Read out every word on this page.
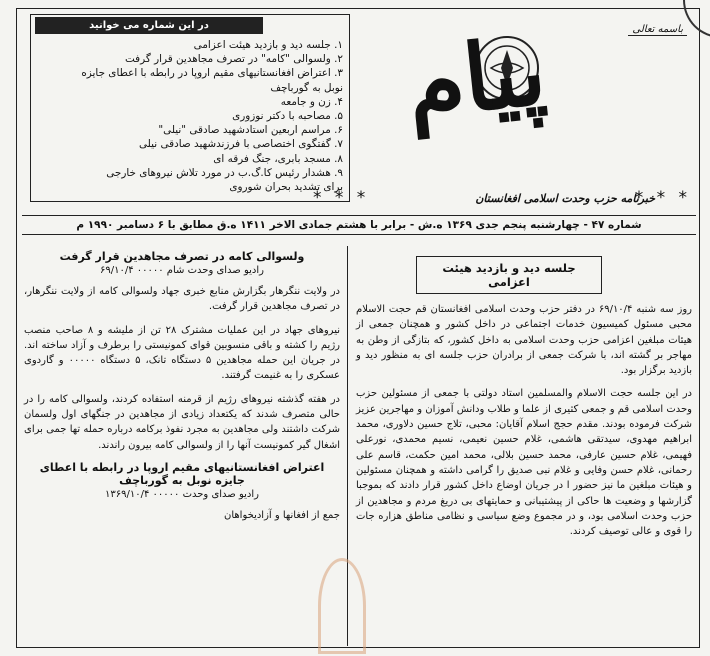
باسمه تعالی
پیام
* * *
خبرنامه حزب وحدت اسلامی افغانستان
* * *
در این شماره می خوانید
۱. جلسه دید و بازدید هیئت اعزامی
۲. ولسوالی "کامه" در تصرف مجاهدین قرار گرفت
۳. اعتراض افغانستانیهای مقیم اروپا در رابطه با اعطای جایزه
نوبل به گورباچف
۴. زن و جامعه
۵. مصاحبه با دکتر نوزوری
۶. مراسم اربعین استادشهید صادقی "نیلی"
۷. گفتگوی اختصاصی با فرزندشهید صادقی نیلی
۸. مسجد بابری، جنگ فرقه ای
۹. هشدار رئیس کا.گ.ب در مورد تلاش نیروهای خارجی
برای تشدید بحران شوروی
شماره ۴۷ - چهارشنبه پنجم جدی ۱۳۶۹ ه.ش - برابر با هشتم جمادی الاخر ۱۴۱۱ ه.ق مطابق با ۶ دسامبر ۱۹۹۰ م
جلسه دید و بازدید هیئت اعزامی

روز سه شنبه ۶۹/۱۰/۴ در دفتر حزب وحدت اسلامی افغانستان قم حجت الاسلام محبی مسئول کمیسیون خدمات اجتماعی در داخل کشور و همچنان جمعی از هیئات مبلغین اعزامی حزب وحدت اسلامی به داخل کشور، که بتازگی از وطن به مهاجر بر گشته اند، با شرکت جمعی از برادران حزب جلسه ای به منظور دید و بازدید برگزار بود.

در این جلسه حجت الاسلام والمسلمین استاد دولتی با جمعی از مسئولین حزب وحدت اسلامی قم و جمعی کثیری از علما و طلاب ودانش آموزان و مهاجرین عزیز شرکت فرموده بودند. مقدم حجج اسلام آقایان: محبی، تلاج حسین دلاوری، محمد ابراهیم مهدوی، سیدتقی هاشمی، غلام حسین نعیمی، نسیم محمدی، نورعلی فهیمی، غلام حسین عارفی، محمد حسین بلالی، محمد امین حکمت، قاسم علی رحمانی، غلام حسن وفایی و غلام نبی صدیق را گرامی داشته و همچنان مسئولین و هیئات مبلغین ما نیز حضور ا در جریان اوضاع داخل کشور قرار دادند که بموجبا گزارشها و وضعیت ها حاکی از پیشتیبانی و حمایتهای بی دریغ مردم و مجاهدین از حزب وحدت اسلامی بود، و در مجموع وضع سیاسی و نظامی مناطق هزاره جات را قوی و عالی توصیف کردند.

ولسوالی کامه در تصرف مجاهدین قرار گرفت
رادیو صدای وحدت شام ۰۰۰۰۰ ۶۹/۱۰/۴

در ولایت ننگرهار بگزارش منابع خبری جهاد ولسوالی کامه از ولایت ننگرهار، در تصرف مجاهدین قرار گرفت.

نیروهای جهاد در این عملیات مشترک ۲۸ تن از ملیشه و ۸ صاحب منصب رژیم را کشته و باقی منسوبین قوای کمونیستی را برطرف و آزاد ساخته اند. در جریان این حمله مجاهدین ۵ دستگاه تانک، ۵ دستگاه ۰۰۰۰۰ و گاردوی عسکری را به غنیمت گرفتند.

در هفته گذشته نیروهای رژیم از قرمنه استفاده کردند، ولسوالی کامه را در حالی متصرف شدند که یکتعداد زیادی از مجاهدین در جنگهای اول ولسمان شرکت داشتند ولی مجاهدین به مجرد نفوذ برکامه درباره حمله تها جمی برای اشغال گیر کمونیست آنها را از ولسوالی کامه بیرون راندند.

اعتراض افغانستانیهای مقیم اروپا در رابطه با اعطای جایزه نوبل به گورباچف
رادیو صدای وحدت ۰۰۰۰۰ ۱۳۶۹/۱۰/۴

جمع از افغانها و آزادیخواهان
